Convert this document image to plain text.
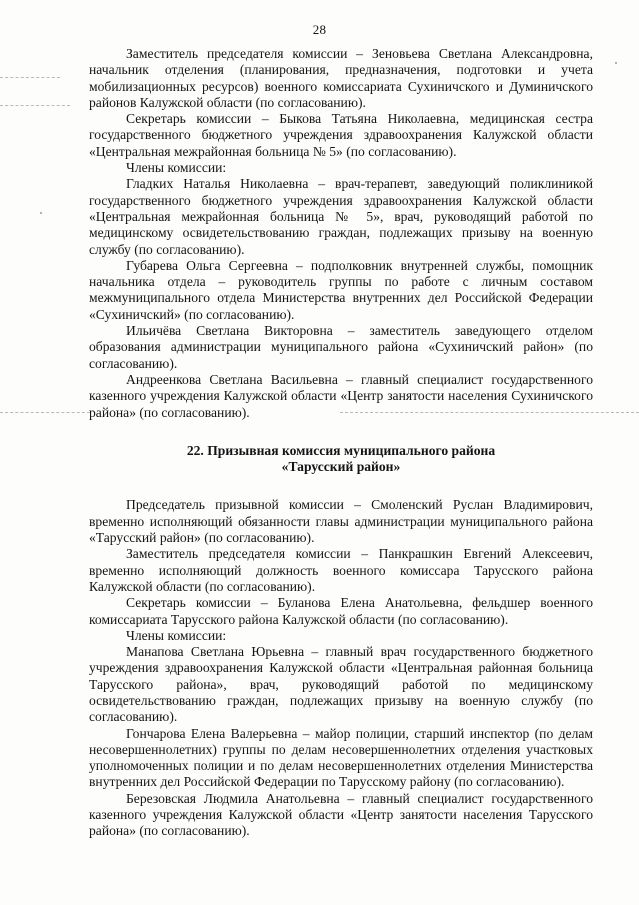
28

Заместитель председателя комиссии – Зеновьева Светлана Александровна, начальник отделения (планирования, предназначения, подготовки и учета мобилизационных ресурсов) военного комиссариата Сухиничского и Думиничского районов Калужской области (по согласованию).

Секретарь комиссии – Быкова Татьяна Николаевна, медицинская сестра государственного бюджетного учреждения здравоохранения Калужской области «Центральная межрайонная больница № 5» (по согласованию).

Члены комиссии:

Гладких Наталья Николаевна – врач-терапевт, заведующий поликлиникой государственного бюджетного учреждения здравоохранения Калужской области «Центральная межрайонная больница № 5», врач, руководящий работой по медицинскому освидетельствованию граждан, подлежащих призыву на военную службу (по согласованию).

Губарева Ольга Сергеевна – подполковник внутренней службы, помощник начальника отдела – руководитель группы по работе с личным составом межмуниципального отдела Министерства внутренних дел Российской Федерации «Сухиничский» (по согласованию).

Ильичёва Светлана Викторовна – заместитель заведующего отделом образования администрации муниципального района «Сухиничский район» (по согласованию).

Андреенкова Светлана Васильевна – главный специалист государственного казенного учреждения Калужской области «Центр занятости населения Сухиничского района» (по согласованию).

22. Призывная комиссия муниципального района
«Тарусский район»

Председатель призывной комиссии – Смоленский Руслан Владимирович, временно исполняющий обязанности главы администрации муниципального района «Тарусский район» (по согласованию).

Заместитель председателя комиссии – Панкрашкин Евгений Алексеевич, временно исполняющий должность военного комиссара Тарусского района Калужской области (по согласованию).

Секретарь комиссии – Буланова Елена Анатольевна, фельдшер военного комиссариата Тарусского района Калужской области (по согласованию).

Члены комиссии:

Манапова Светлана Юрьевна – главный врач государственного бюджетного учреждения здравоохранения Калужской области «Центральная районная больница Тарусского района», врач, руководящий работой по медицинскому освидетельствованию граждан, подлежащих призыву на военную службу (по согласованию).

Гончарова Елена Валерьевна – майор полиции, старший инспектор (по делам несовершеннолетних) группы по делам несовершеннолетних отделения участковых уполномоченных полиции и по делам несовершеннолетних отделения Министерства внутренних дел Российской Федерации по Тарусскому району (по согласованию).

Березовская Людмила Анатольевна – главный специалист государственного казенного учреждения Калужской области «Центр занятости населения Тарусского района» (по согласованию).
